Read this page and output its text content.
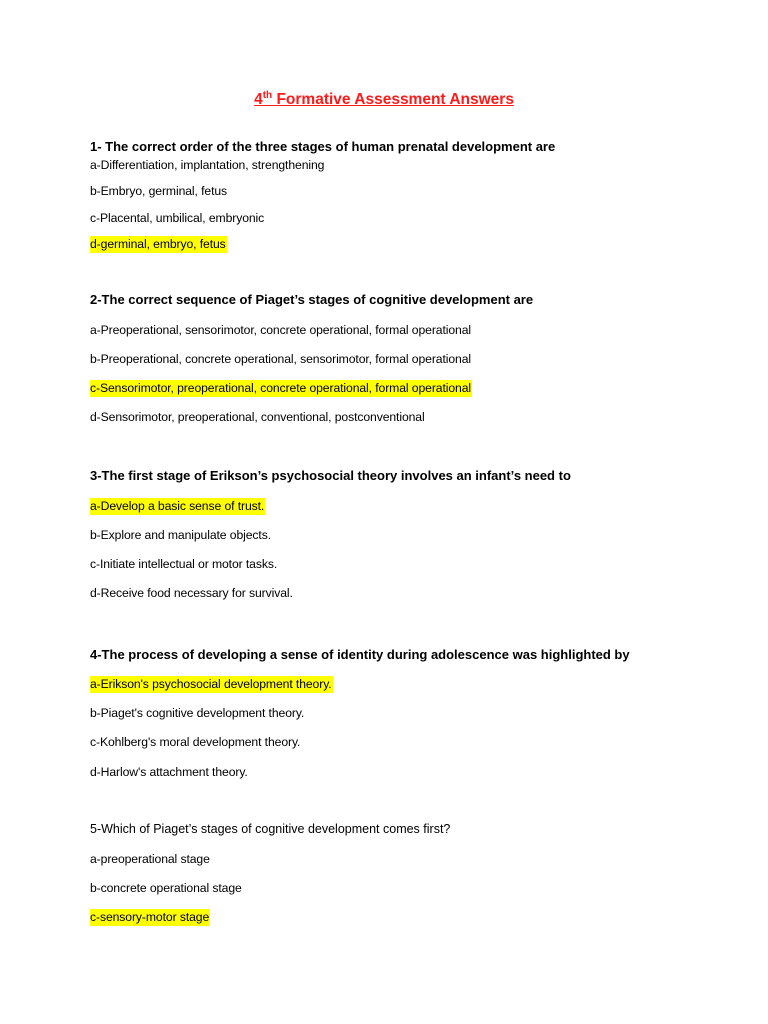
4th Formative Assessment Answers
1- The correct order of the three stages of human prenatal development are
a-Differentiation, implantation, strengthening
b-Embryo, germinal, fetus
c-Placental, umbilical, embryonic
d-germinal, embryo, fetus
2-The correct sequence of Piaget’s stages of cognitive development are
a-Preoperational, sensorimotor, concrete operational, formal operational
b-Preoperational, concrete operational, sensorimotor, formal operational
c-Sensorimotor, preoperational, concrete operational, formal operational
d-Sensorimotor, preoperational, conventional, postconventional
3-The first stage of Erikson’s psychosocial theory involves an infant’s need to
a-Develop a basic sense of trust.
b-Explore and manipulate objects.
c-Initiate intellectual or motor tasks.
d-Receive food necessary for survival.
4-The process of developing a sense of identity during adolescence was highlighted by
a-Erikson's psychosocial development theory.
b-Piaget's cognitive development theory.
c-Kohlberg's moral development theory.
d-Harlow's attachment theory.
5-Which of Piaget’s stages of cognitive development comes first?
a-preoperational stage
b-concrete operational stage
c-sensory-motor stage
